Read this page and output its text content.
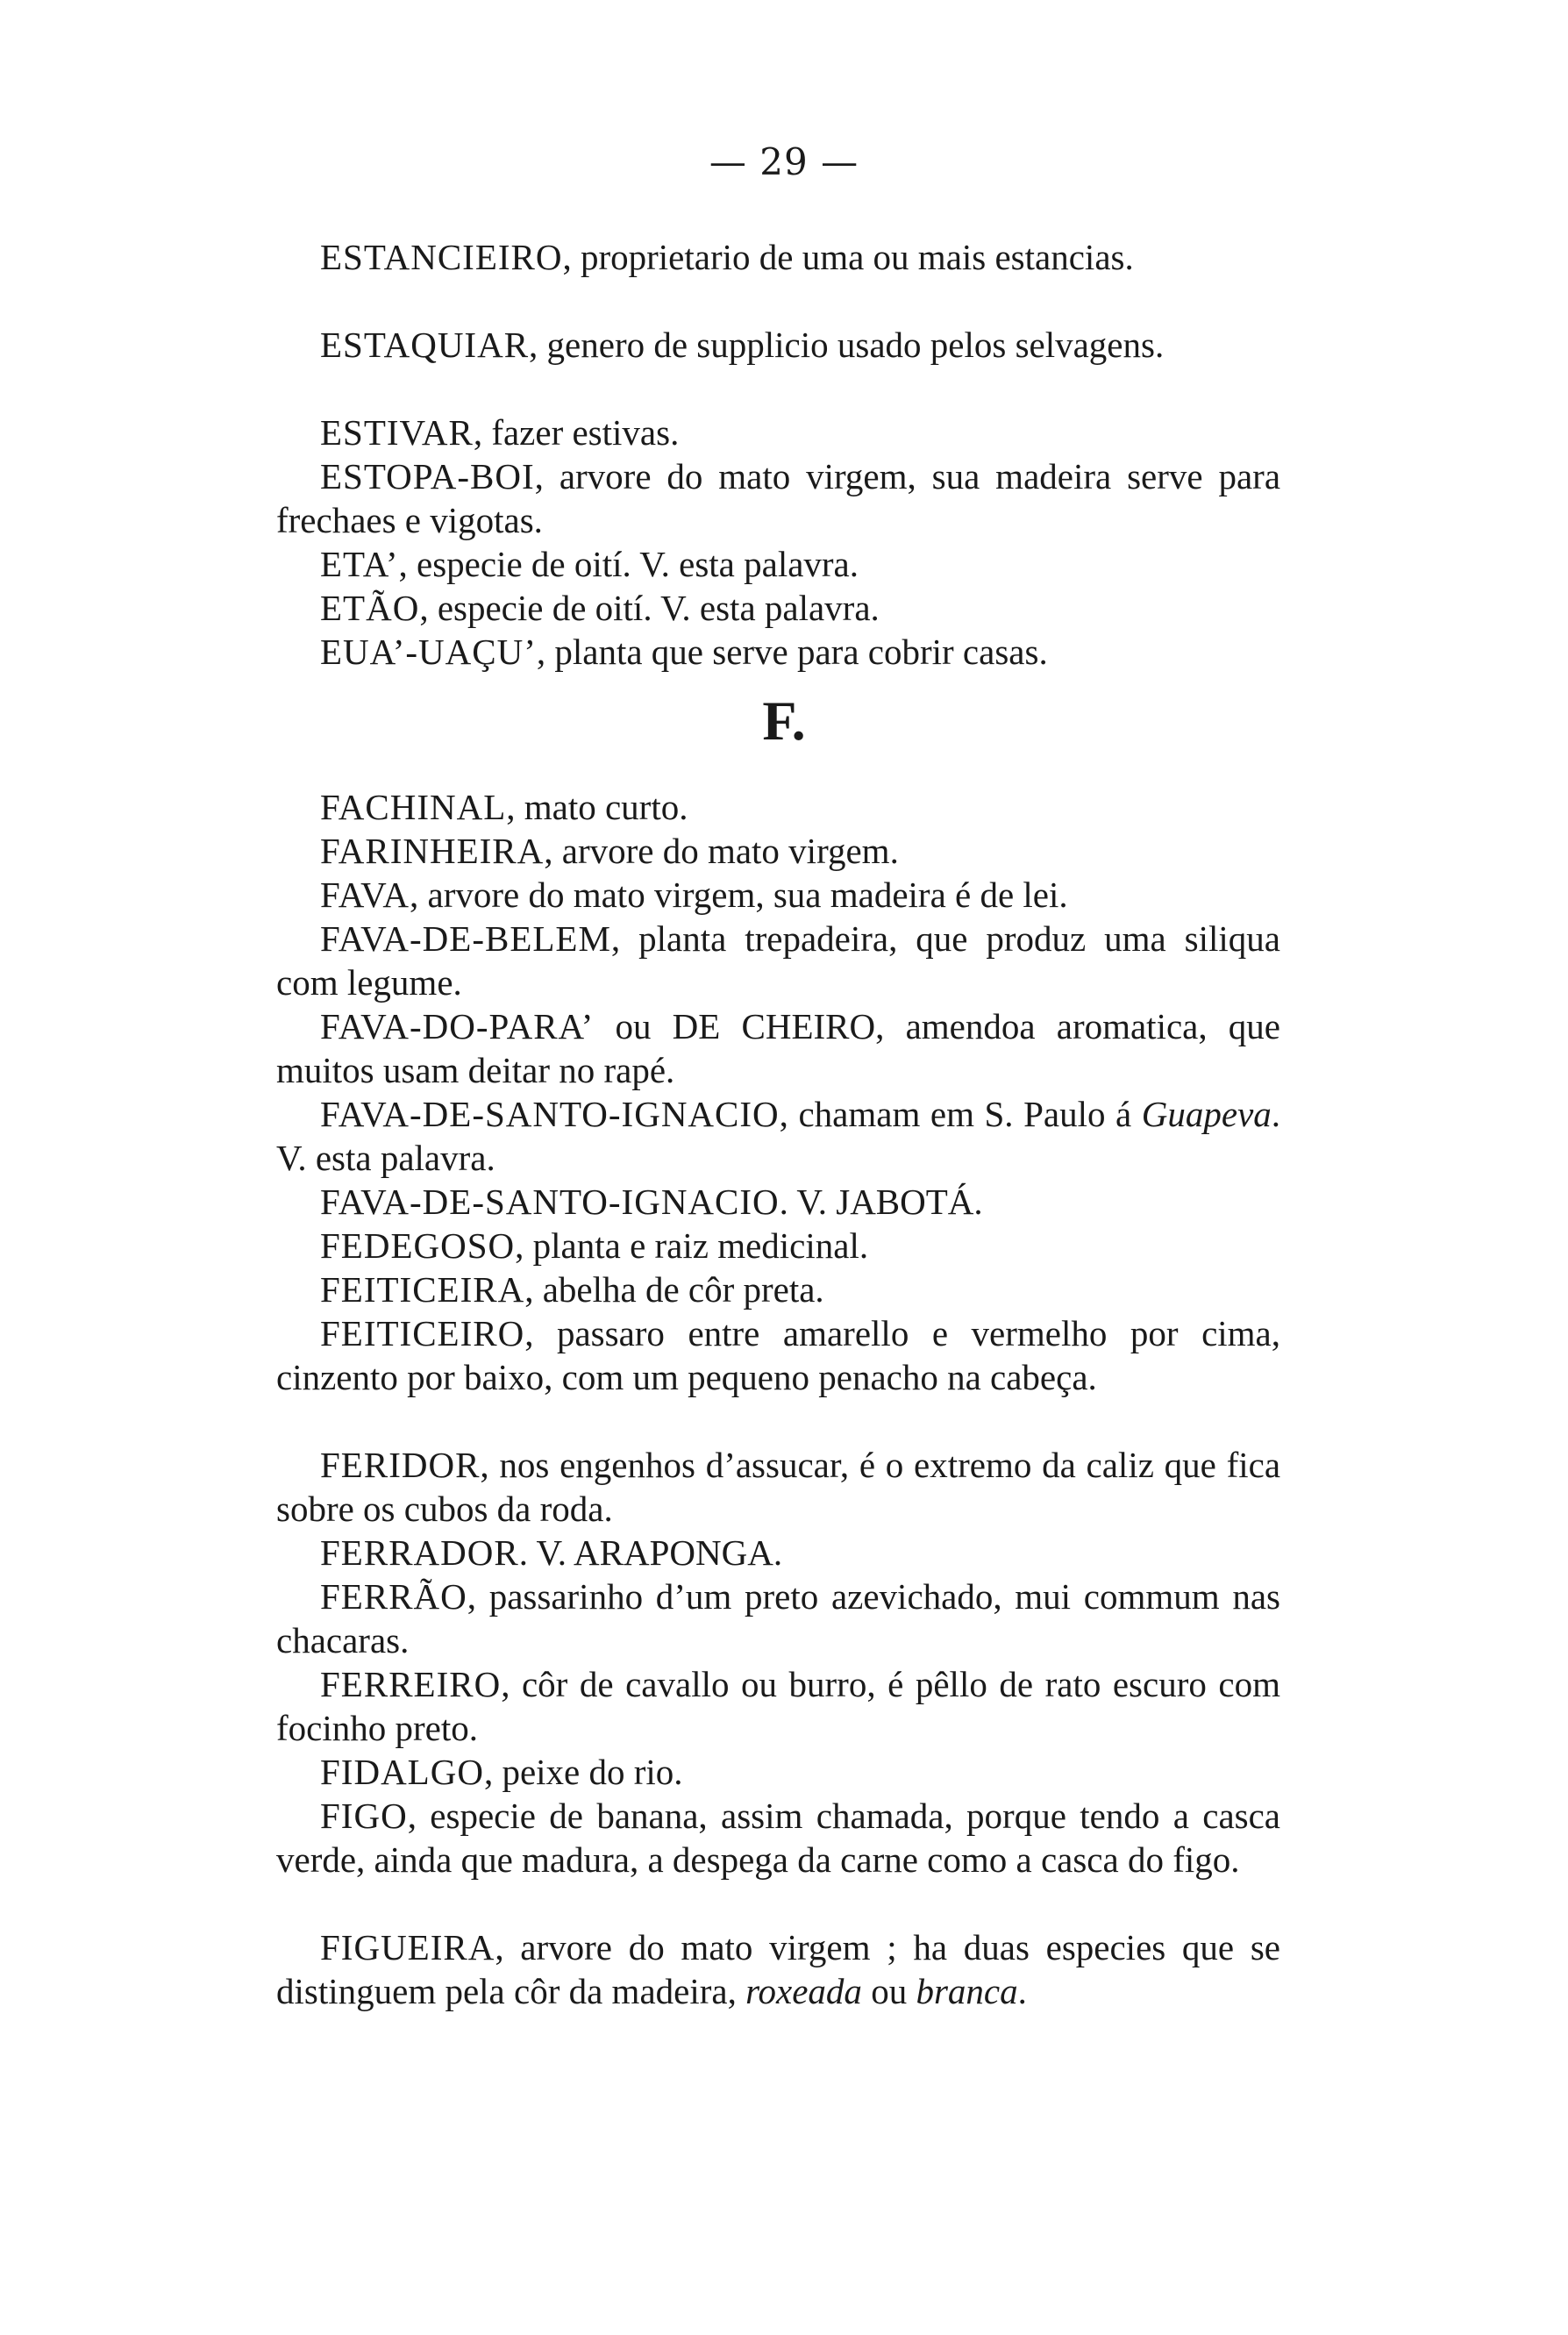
— 29 —

ESTANCIEIRO, proprietario de uma ou mais estancias.

ESTAQUIAR, genero de supplicio usado pelos selvagens.

ESTIVAR, fazer estivas.

ESTOPA-BOI, arvore do mato virgem, sua madeira serve para frechaes e vigotas.

ETA’, especie de oití. V. esta palavra.

ETÃO, especie de oití. V. esta palavra.

EUA’-UAÇU’, planta que serve para cobrir casas.

F.

FACHINAL, mato curto.

FARINHEIRA, arvore do mato virgem.

FAVA, arvore do mato virgem, sua madeira é de lei.

FAVA-DE-BELEM, planta trepadeira, que produz uma siliqua com legume.

FAVA-DO-PARA’ ou DE CHEIRO, amendoa aromatica, que muitos usam deitar no rapé.

FAVA-DE-SANTO-IGNACIO, chamam em S. Paulo á Guapeva. V. esta palavra.

FAVA-DE-SANTO-IGNACIO. V. JABOTÁ.

FEDEGOSO, planta e raiz medicinal.

FEITICEIRA, abelha de côr preta.

FEITICEIRO, passaro entre amarello e vermelho por cima, cinzento por baixo, com um pequeno penacho na cabeça.

FERIDOR, nos engenhos d’assucar, é o extremo da caliz que fica sobre os cubos da roda.

FERRADOR. V. ARAPONGA.

FERRÃO, passarinho d’um preto azevichado, mui commum nas chacaras.

FERREIRO, côr de cavallo ou burro, é pêllo de rato escuro com focinho preto.

FIDALGO, peixe do rio.

FIGO, especie de banana, assim chamada, porque tendo a casca verde, ainda que madura, a despega da carne como a casca do figo.

FIGUEIRA, arvore do mato virgem ; ha duas especies que se distinguem pela côr da madeira, roxeada ou branca.
